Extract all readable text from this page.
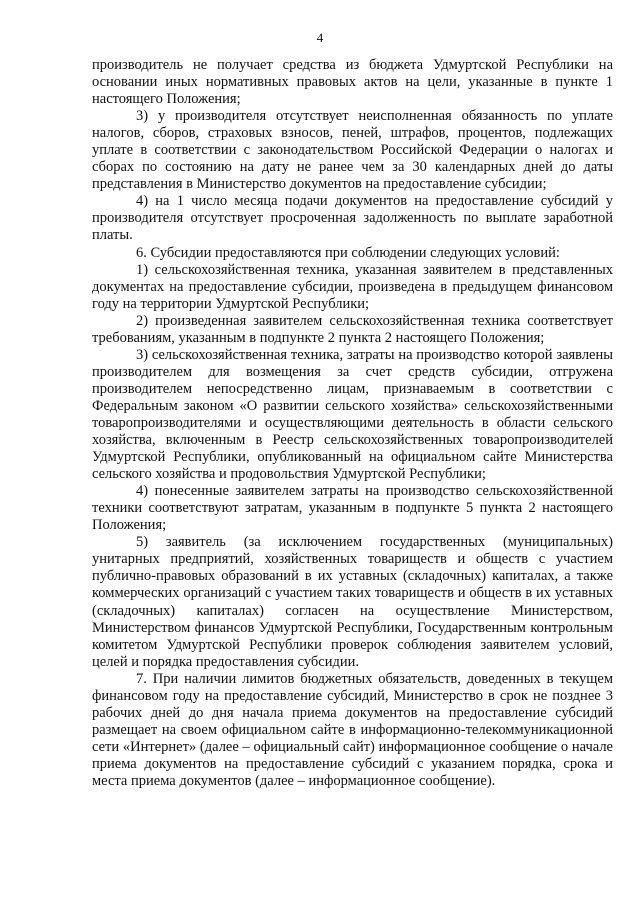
4

производитель не получает средства из бюджета Удмуртской Республики на основании иных нормативных правовых актов на цели, указанные в пункте 1 настоящего Положения;

3) у производителя отсутствует неисполненная обязанность по уплате налогов, сборов, страховых взносов, пеней, штрафов, процентов, подлежащих уплате в соответствии с законодательством Российской Федерации о налогах и сборах по состоянию на дату не ранее чем за 30 календарных дней до даты представления в Министерство документов на предоставление субсидии;

4) на 1 число месяца подачи документов на предоставление субсидий у производителя отсутствует просроченная задолженность по выплате заработной платы.

6. Субсидии предоставляются при соблюдении следующих условий:

1) сельскохозяйственная техника, указанная заявителем в представленных документах на предоставление субсидии, произведена в предыдущем финансовом году на территории Удмуртской Республики;

2) произведенная заявителем сельскохозяйственная техника соответствует требованиям, указанным в подпункте 2 пункта 2 настоящего Положения;

3) сельскохозяйственная техника, затраты на производство которой заявлены производителем для возмещения за счет средств субсидии, отгружена производителем непосредственно лицам, признаваемым в соответствии с Федеральным законом «О развитии сельского хозяйства» сельскохозяйственными товаропроизводителями и осуществляющими деятельность в области сельского хозяйства, включенным в Реестр сельскохозяйственных товаропроизводителей Удмуртской Республики, опубликованный на официальном сайте Министерства сельского хозяйства и продовольствия Удмуртской Республики;

4) понесенные заявителем затраты на производство сельскохозяйственной техники соответствуют затратам, указанным в подпункте 5 пункта 2 настоящего Положения;

5) заявитель (за исключением государственных (муниципальных) унитарных предприятий, хозяйственных товариществ и обществ с участием публично-правовых образований в их уставных (складочных) капиталах, а также коммерческих организаций с участием таких товариществ и обществ в их уставных (складочных) капиталах) согласен на осуществление Министерством, Министерством финансов Удмуртской Республики, Государственным контрольным комитетом Удмуртской Республики проверок соблюдения заявителем условий, целей и порядка предоставления субсидии.

7. При наличии лимитов бюджетных обязательств, доведенных в текущем финансовом году на предоставление субсидий, Министерство в срок не позднее 3 рабочих дней до дня начала приема документов на предоставление субсидий размещает на своем официальном сайте в информационно-телекоммуникационной сети «Интернет» (далее – официальный сайт) информационное сообщение о начале приема документов на предоставление субсидий с указанием порядка, срока и места приема документов (далее – информационное сообщение).
